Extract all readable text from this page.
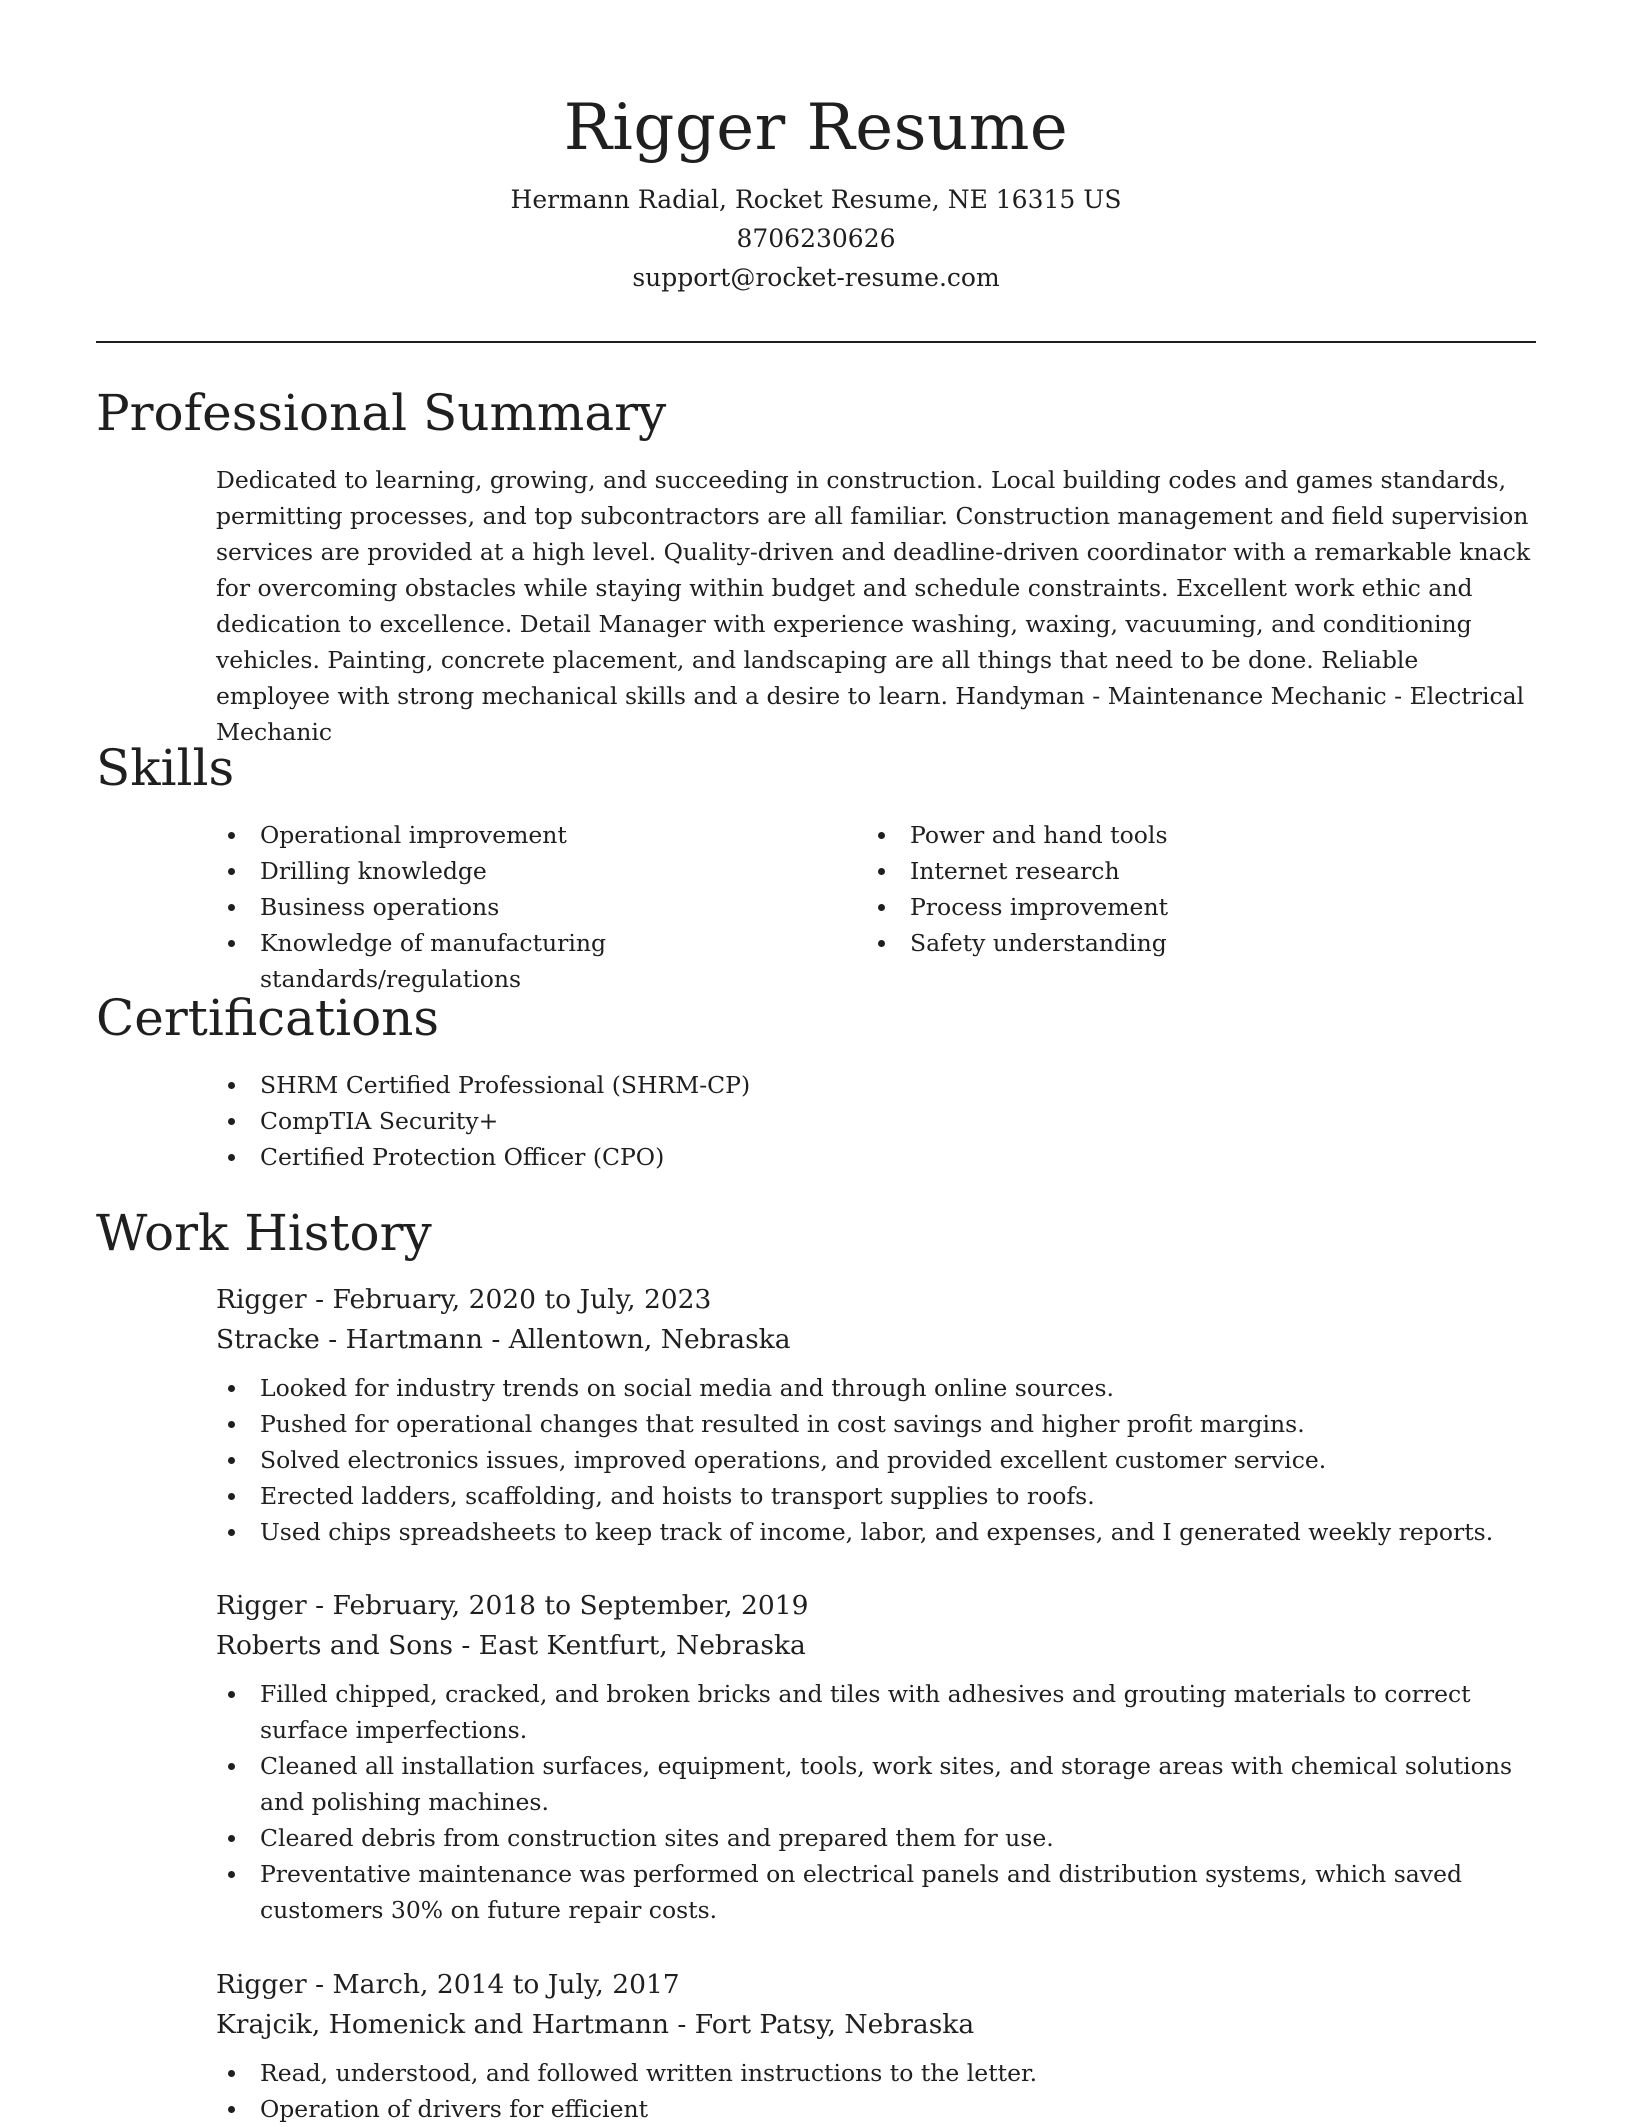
Rigger Resume

Hermann Radial, Rocket Resume, NE 16315 US

8706230626

support@rocket-resume.com

Professional Summary

Dedicated to learning, growing, and succeeding in construction. Local building codes and games standards, permitting processes, and top subcontractors are all familiar. Construction management and field supervision services are provided at a high level. Quality-driven and deadline-driven coordinator with a remarkable knack for overcoming obstacles while staying within budget and schedule constraints. Excellent work ethic and dedication to excellence. Detail Manager with experience washing, waxing, vacuuming, and conditioning vehicles. Painting, concrete placement, and landscaping are all things that need to be done. Reliable employee with strong mechanical skills and a desire to learn. Handyman - Maintenance Mechanic - Electrical Mechanic

Skills
Operational improvement
Drilling knowledge
Business operations
Knowledge of manufacturing standards/regulations
Power and hand tools
Internet research
Process improvement
Safety understanding
Certifications
SHRM Certified Professional (SHRM-CP)
CompTIA Security+
Certified Protection Officer (CPO)
Work History

Rigger - February, 2020 to July, 2023

Stracke - Hartmann - Allentown, Nebraska

Looked for industry trends on social media and through online sources.
Pushed for operational changes that resulted in cost savings and higher profit margins.
Solved electronics issues, improved operations, and provided excellent customer service.
Erected ladders, scaffolding, and hoists to transport supplies to roofs.
Used chips spreadsheets to keep track of income, labor, and expenses, and I generated weekly reports.

Rigger - February, 2018 to September, 2019

Roberts and Sons - East Kentfurt, Nebraska

Filled chipped, cracked, and broken bricks and tiles with adhesives and grouting materials to correct surface imperfections.
Cleaned all installation surfaces, equipment, tools, work sites, and storage areas with chemical solutions and polishing machines.
Cleared debris from construction sites and prepared them for use.
Preventative maintenance was performed on electrical panels and distribution systems, which saved customers 30% on future repair costs.

Rigger - March, 2014 to July, 2017

Krajcik, Homenick and Hartmann - Fort Patsy, Nebraska

Read, understood, and followed written instructions to the letter.
Operation of drivers for efficient
